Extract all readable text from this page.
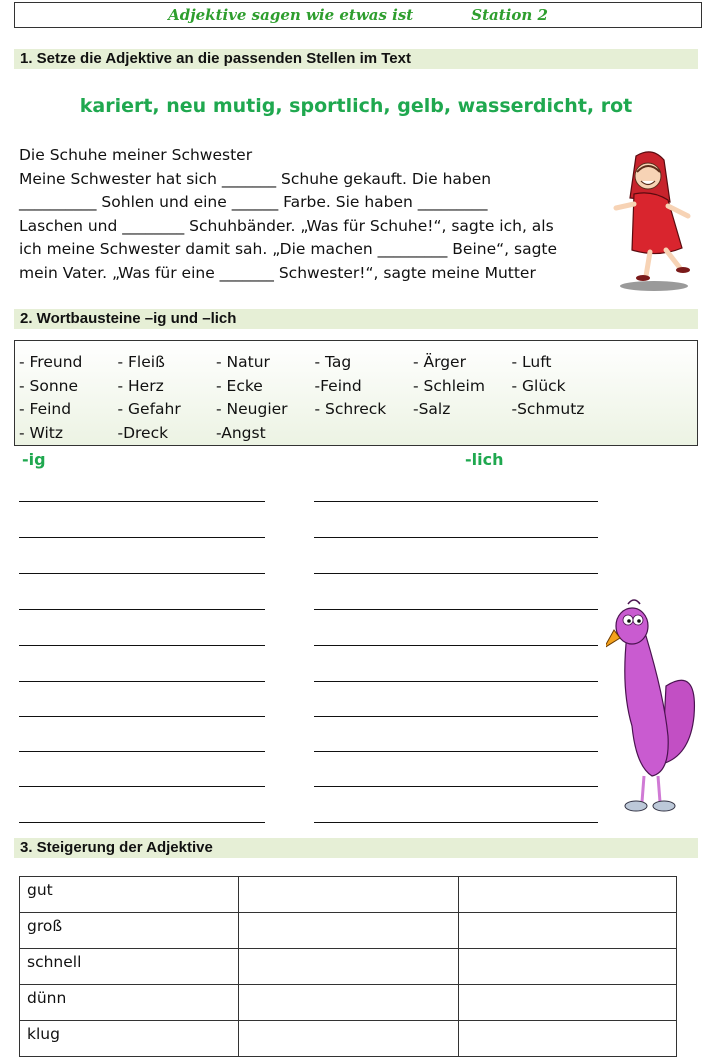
Adjektive sagen wie etwas ist	Station 2
1. Setze die Adjektive an die passenden Stellen im Text
kariert, neu mutig, sportlich, gelb, wasserdicht, rot

Die Schuhe meiner Schwester

Meine Schwester hat sich _______ Schuhe gekauft. Die haben

__________ Sohlen und eine ______ Farbe. Sie haben _________

Laschen und ________ Schuhbänder. „Was für Schuhe!“, sagte ich, als

ich meine Schwester damit sah. „Die machen _________ Beine“, sagte

mein Vater. „Was für eine _______ Schwester!“, sagte meine Mutter

2. Wortbausteine –ig und –lich
- Freund	- Fleiß	- Natur	- Tag	- Ärger	- Luft
- Sonne	- Herz	- Ecke	-Feind	- Schleim	- Glück
- Feind	- Gefahr	- Neugier	- Schreck	-Salz	-Schmutz
- Witz	-Dreck	-Angst
-ig	-lich
3. Steigerung der Adjektive
gut		
groß		
schnell		
dünn		
klug		
